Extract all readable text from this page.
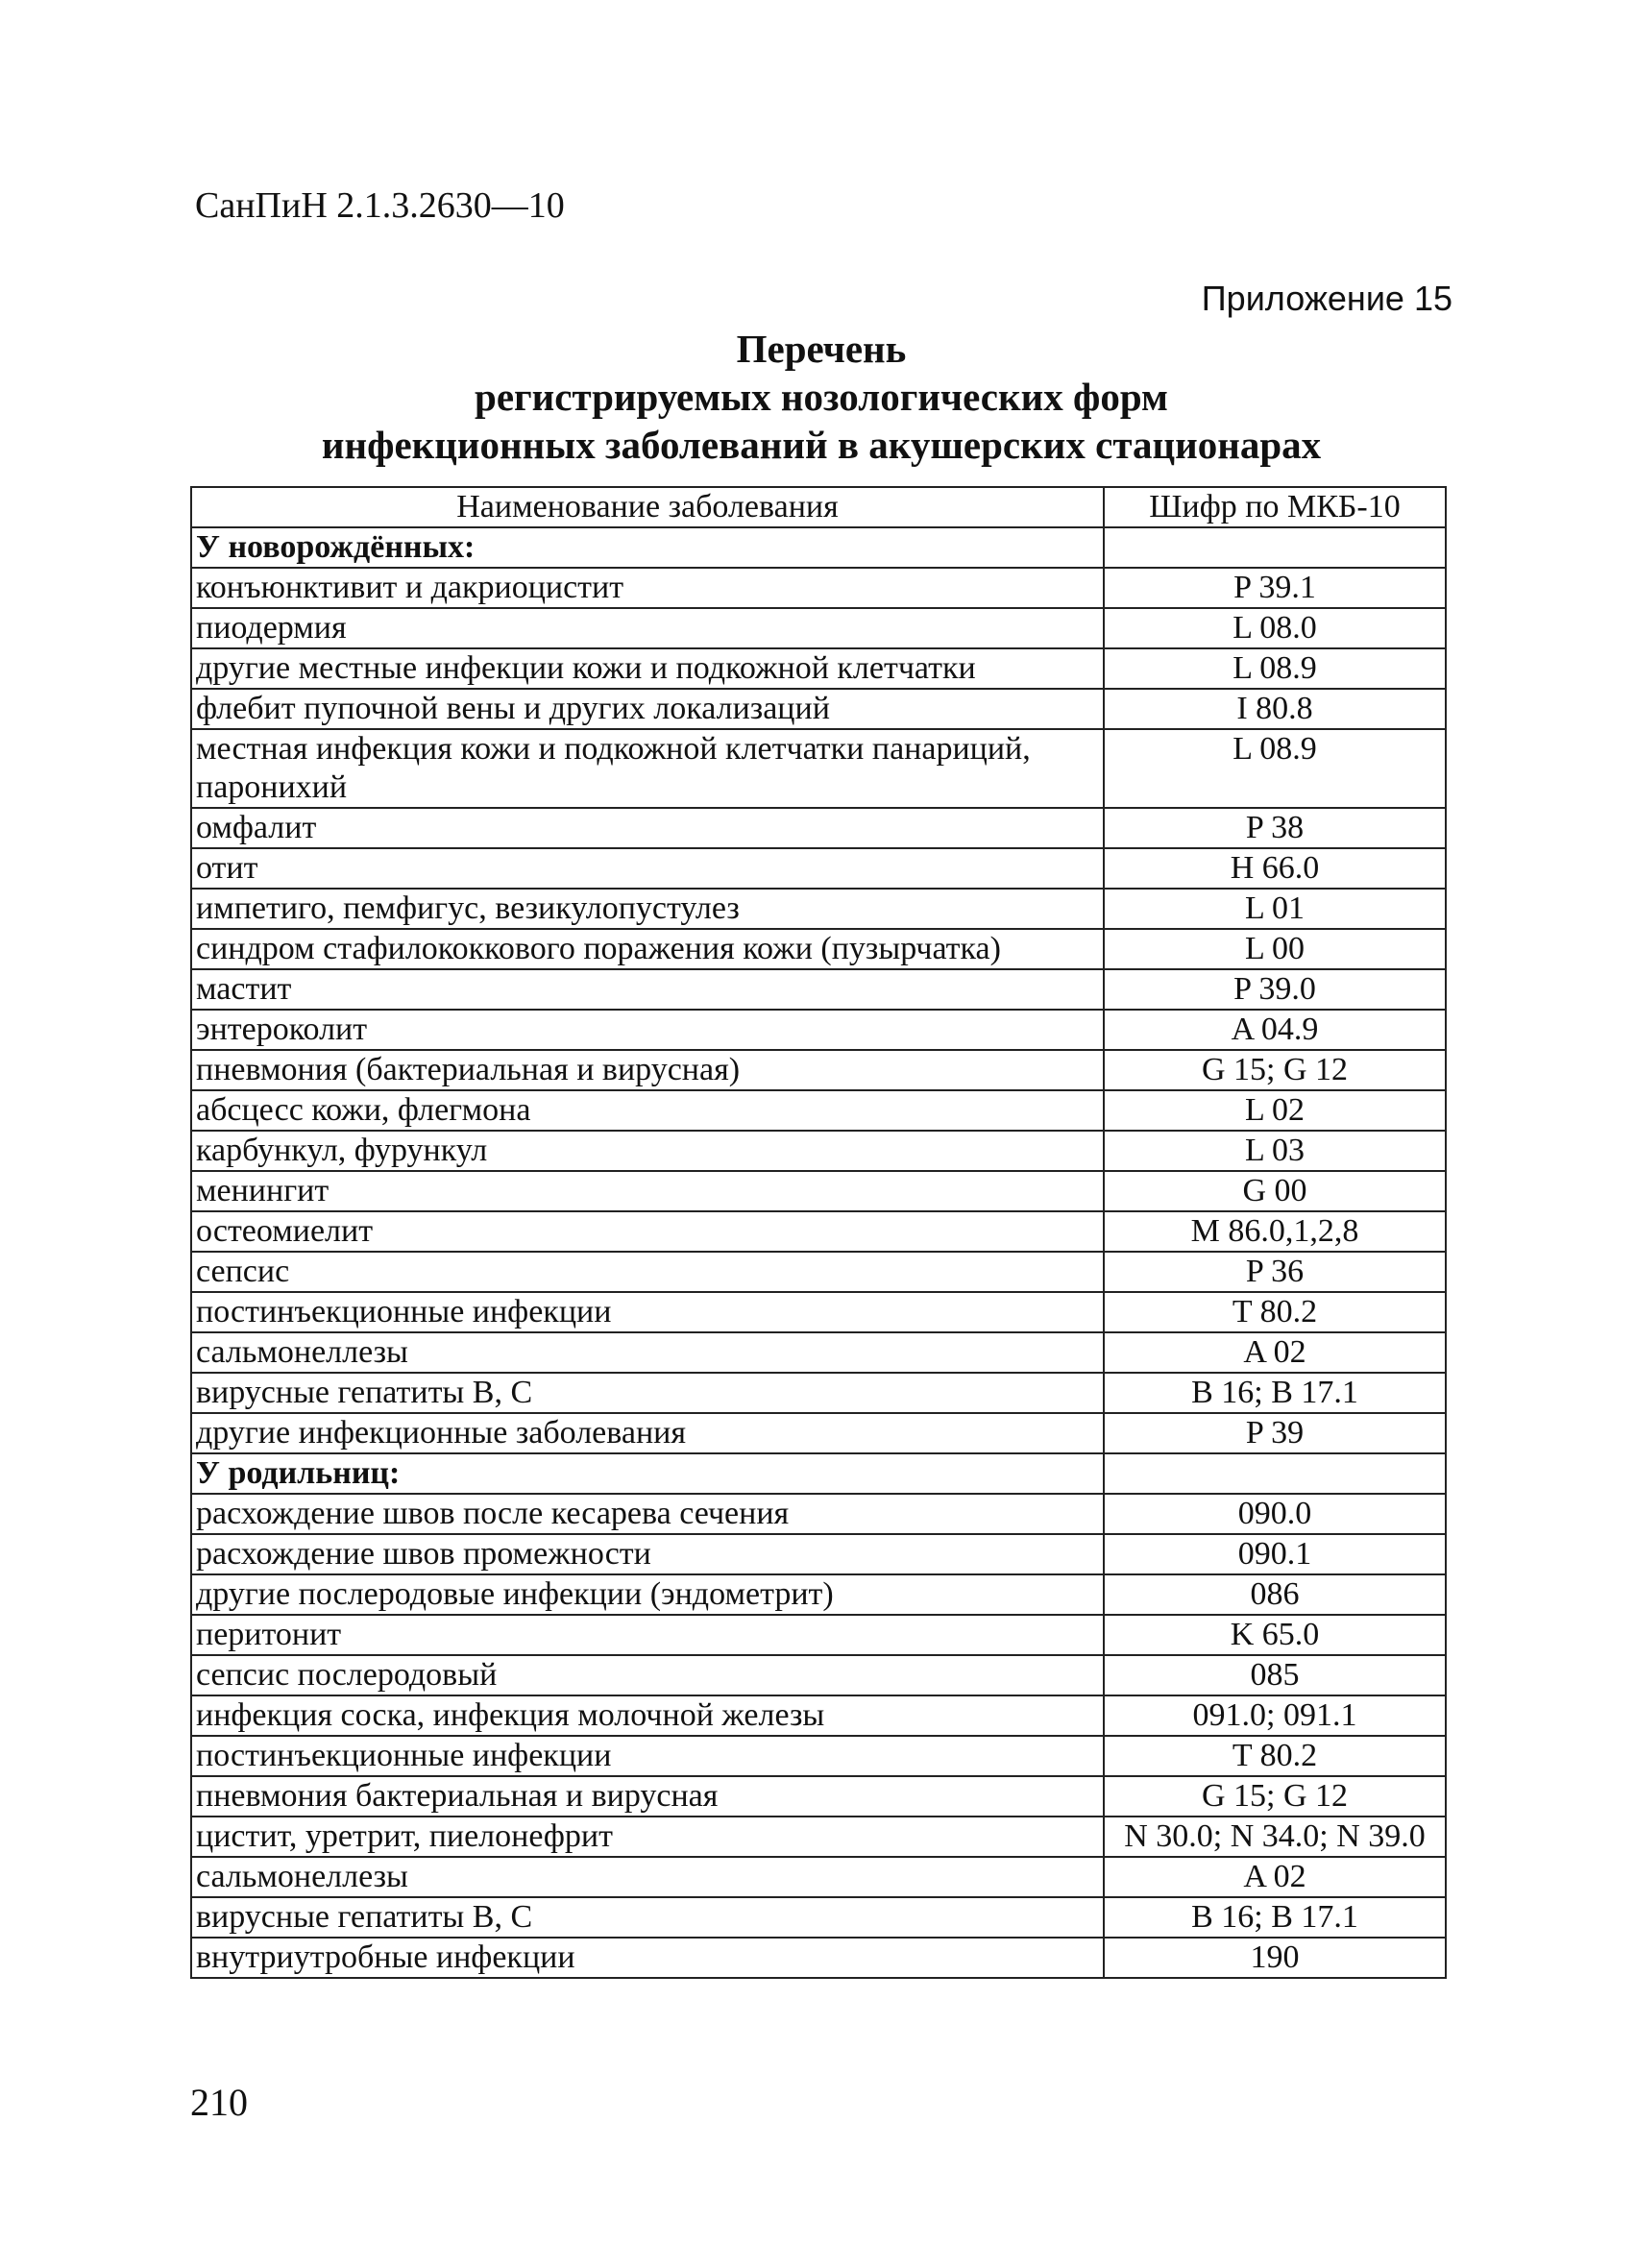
СанПиН 2.1.3.2630—10
Приложение 15
Перечень
регистрируемых нозологических форм
инфекционных заболеваний в акушерских стационарах
Наименование заболевания	Шифр по МКБ-10
У новорождённых:	
конъюнктивит и дакриоцистит	P 39.1
пиодермия	L 08.0
другие местные инфекции кожи и подкожной клетчатки	L 08.9
флебит пупочной вены и других локализаций	I 80.8
местная инфекция кожи и подкожной клетчатки панариций, паронихий	L 08.9
омфалит	P 38
отит	H 66.0
импетиго, пемфигус, везикулопустулез	L 01
синдром стафилококкового поражения кожи (пузырчатка)	L 00
мастит	P 39.0
энтероколит	A 04.9
пневмония (бактериальная и вирусная)	G 15; G 12
абсцесс кожи, флегмона	L 02
карбункул, фурункул	L 03
менингит	G 00
остеомиелит	M 86.0,1,2,8
сепсис	P 36
постинъекционные инфекции	T 80.2
сальмонеллезы	A 02
вирусные гепатиты В, С	B 16; B 17.1
другие инфекционные заболевания	P 39
У родильниц:	
расхождение швов после кесарева сечения	090.0
расхождение швов промежности	090.1
другие послеродовые инфекции (эндометрит)	086
перитонит	K 65.0
сепсис послеродовый	085
инфекция соска, инфекция молочной железы	091.0; 091.1
постинъекционные инфекции	T 80.2
пневмония бактериальная и вирусная	G 15; G 12
цистит, уретрит, пиелонефрит	N 30.0; N 34.0; N 39.0
сальмонеллезы	A 02
вирусные гепатиты В, С	B 16; B 17.1
внутриутробные инфекции	190
210
